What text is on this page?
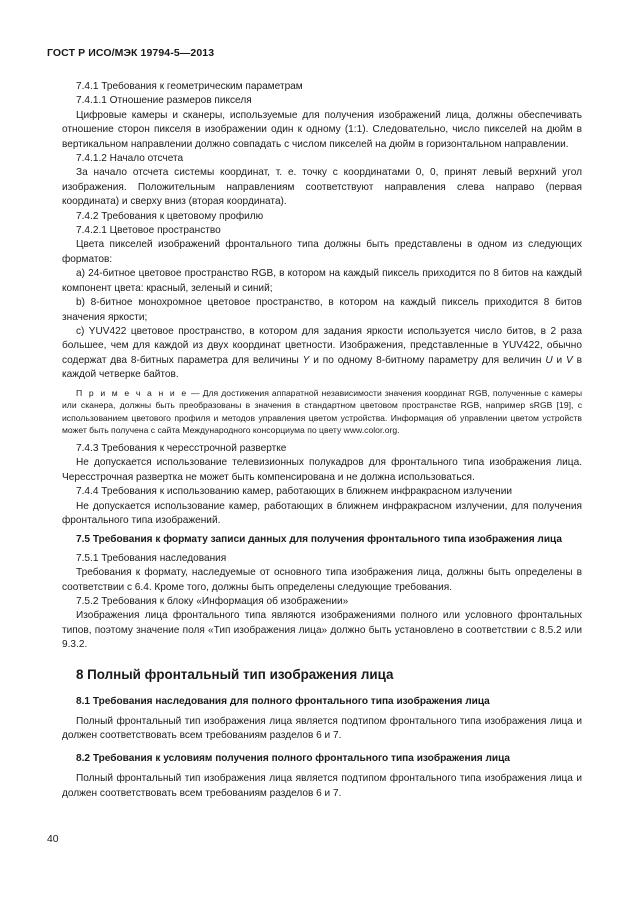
ГОСТ Р ИСО/МЭК 19794-5—2013

7.4.1 Требования к геометрическим параметрам

7.4.1.1 Отношение размеров пикселя

Цифровые камеры и сканеры, используемые для получения изображений лица, должны обеспечивать отношение сторон пикселя в изображении один к одному (1:1). Следовательно, число пикселей на дюйм в вертикальном направлении должно совпадать с числом пикселей на дюйм в горизонтальном направлении.

7.4.1.2 Начало отсчета

За начало отсчета системы координат, т. е. точку с координатами 0, 0, принят левый верхний угол изображения. Положительным направлениям соответствуют направления слева направо (первая координата) и сверху вниз (вторая координата).

7.4.2 Требования к цветовому профилю

7.4.2.1 Цветовое пространство

Цвета пикселей изображений фронтального типа должны быть представлены в одном из следующих форматов:

a) 24-битное цветовое пространство RGB, в котором на каждый пиксель приходится по 8 битов на каждый компонент цвета: красный, зеленый и синий;

b) 8-битное монохромное цветовое пространство, в котором на каждый пиксель приходится 8 битов значения яркости;

c) YUV422 цветовое пространство, в котором для задания яркости используется число битов, в 2 раза большее, чем для каждой из двух координат цветности. Изображения, представленные в YUV422, обычно содержат два 8-битных параметра для величины Y и по одному 8-битному параметру для величин U и V в каждой четверке байтов.

П р и м е ч а н и е — Для достижения аппаратной независимости значения координат RGB, полученные с камеры или сканера, должны быть преобразованы в значения в стандартном цветовом пространстве RGB, например sRGB [19], с использованием цветового профиля и методов управления цветом устройства. Информация об управлении цветом устройств может быть получена с сайта Международного консорциума по цвету www.color.org.

7.4.3 Требования к чересстрочной развертке

Не допускается использование телевизионных полукадров для фронтального типа изображения лица. Чересстрочная развертка не может быть компенсирована и не должна использоваться.

7.4.4 Требования к использованию камер, работающих в ближнем инфракрасном излучении

Не допускается использование камер, работающих в ближнем инфракрасном излучении, для получения фронтального типа изображений.

7.5 Требования к формату записи данных для получения фронтального типа изображения лица

7.5.1 Требования наследования

Требования к формату, наследуемые от основного типа изображения лица, должны быть определены в соответствии с 6.4. Кроме того, должны быть определены следующие требования.

7.5.2 Требования к блоку «Информация об изображении»

Изображения лица фронтального типа являются изображениями полного или условного фронтальных типов, поэтому значение поля «Тип изображения лица» должно быть установлено в соответствии с 8.5.2 или 9.3.2.

8 Полный фронтальный тип изображения лица

8.1 Требования наследования для полного фронтального типа изображения лица

Полный фронтальный тип изображения лица является подтипом фронтального типа изображения лица и должен соответствовать всем требованиям разделов 6 и 7.

8.2 Требования к условиям получения полного фронтального типа изображения лица

Полный фронтальный тип изображения лица является подтипом фронтального типа изображения лица и должен соответствовать всем требованиям разделов 6 и 7.

40
